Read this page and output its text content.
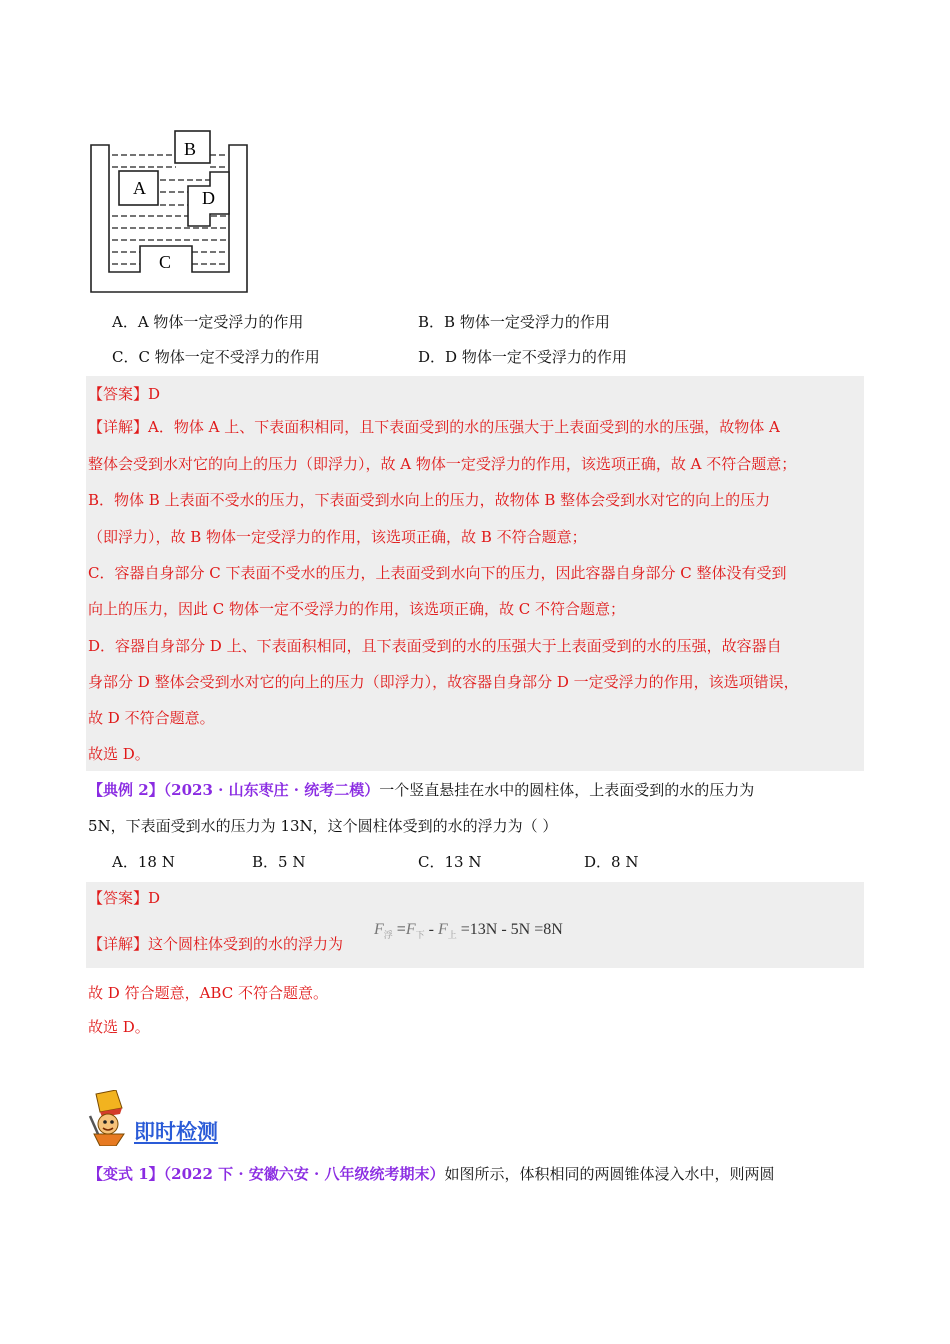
A
B
C
D
A．A 物体一定受浮力的作用	B．B 物体一定受浮力的作用
C．C 物体一定不受浮力的作用	D．D 物体一定不受浮力的作用
【答案】D
【详解】A．物体 A 上、下表面积相同，且下表面受到的水的压强大于上表面受到的水的压强，故物体 A
整体会受到水对它的向上的压力（即浮力），故 A 物体一定受浮力的作用，该选项正确，故 A 不符合题意；
B．物体 B 上表面不受水的压力，下表面受到水向上的压力，故物体 B 整体会受到水对它的向上的压力
（即浮力），故 B 物体一定受浮力的作用，该选项正确，故 B 不符合题意；
C．容器自身部分 C 下表面不受水的压力，上表面受到水向下的压力，因此容器自身部分 C 整体没有受到
向上的压力，因此 C 物体一定不受浮力的作用，该选项正确，故 C 不符合题意；
D．容器自身部分 D 上、下表面积相同，且下表面受到的水的压强大于上表面受到的水的压强，故容器自
身部分 D 整体会受到水对它的向上的压力（即浮力），故容器自身部分 D 一定受浮力的作用，该选项错误，
故 D 不符合题意。
故选 D。
【典例 2】（2023 · 山东枣庄 · 统考二模）一个竖直悬挂在水中的圆柱体，上表面受到的水的压力为
5N，下表面受到水的压力为 13N，这个圆柱体受到的水的浮力为（ ）
A．18 N	B．5 N	C．13 N	D．8 N
【答案】D
【详解】这个圆柱体受到的水的浮力为
$F_浮 =F_下 - F_上 =13N - 5N =8N$
故 D 符合题意，ABC 不符合题意。
故选 D。
即时检测
【变式 1】（2022 下 · 安徽六安 · 八年级统考期末）如图所示，体积相同的两圆锥体浸入水中，则两圆
